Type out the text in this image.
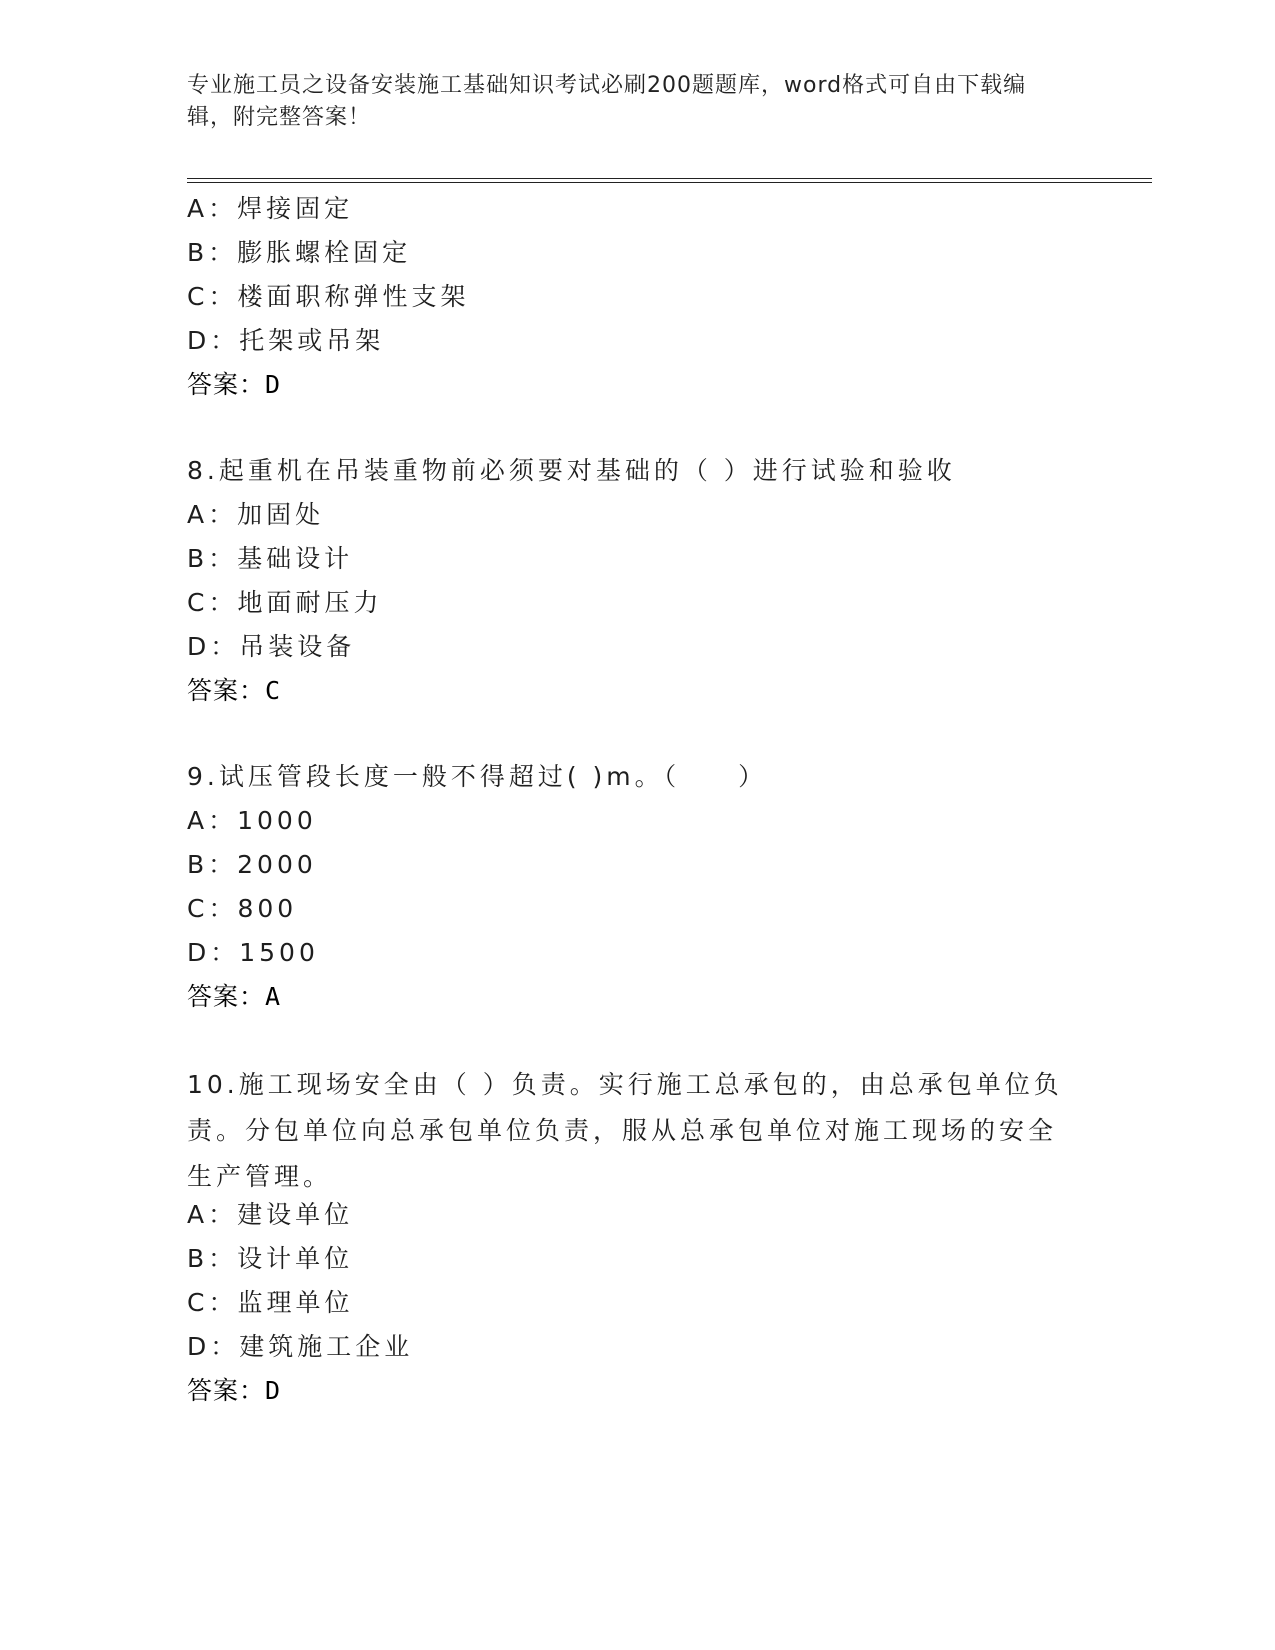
专业施工员之设备安装施工基础知识考试必刷200题题库，word格式可自由下载编辑，附完整答案！
A：焊接固定
B：膨胀螺栓固定
C：楼面职称弹性支架
D：托架或吊架
答案：D
8.起重机在吊装重物前必须要对基础的（ ）进行试验和验收
A：加固处
B：基础设计
C：地面耐压力
D：吊装设备
答案：C
9.试压管段长度一般不得超过( )m。（　　）
A：1000
B：2000
C：800
D：1500
答案：A
10.施工现场安全由（ ）负责。实行施工总承包的，由总承包单位负责。分包单位向总承包单位负责，服从总承包单位对施工现场的安全生产管理。
A：建设单位
B：设计单位
C：监理单位
D：建筑施工企业
答案：D
